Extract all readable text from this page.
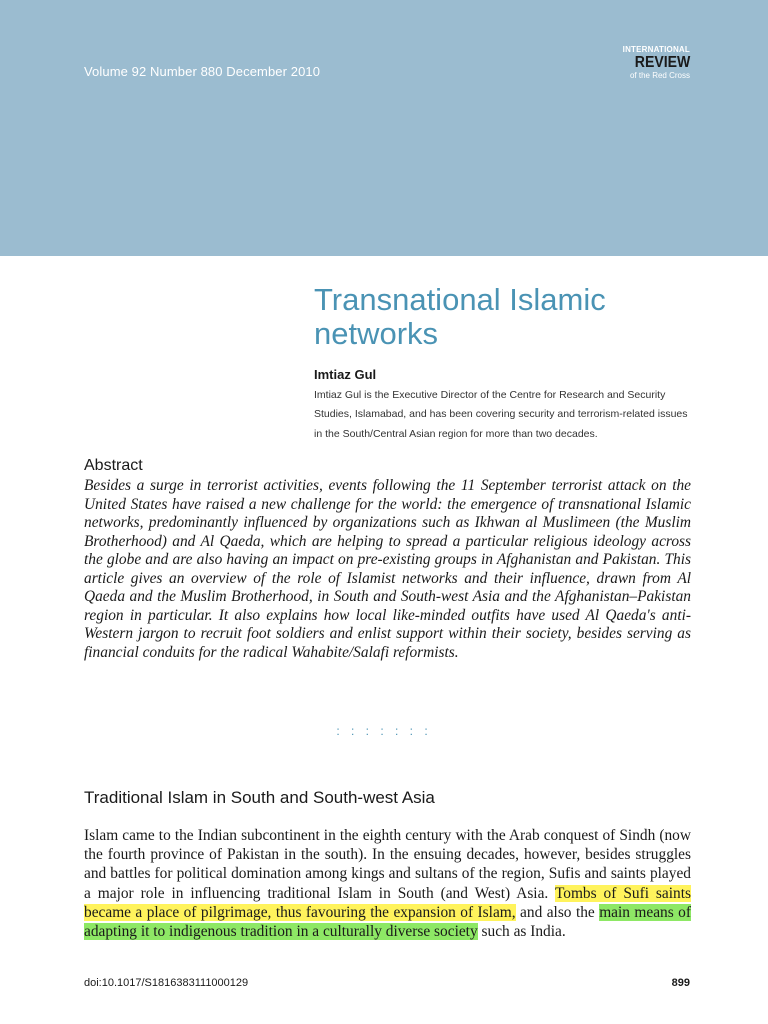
Volume 92 Number 880 December 2010
INTERNATIONAL
REVIEW
of the Red Cross
Transnational Islamic networks
Imtiaz Gul
Imtiaz Gul is the Executive Director of the Centre for Research and Security Studies, Islamabad, and has been covering security and terrorism-related issues in the South/Central Asian region for more than two decades.
Abstract

Besides a surge in terrorist activities, events following the 11 September terrorist attack on the United States have raised a new challenge for the world: the emergence of transnational Islamic networks, predominantly influenced by organizations such as Ikhwan al Muslimeen (the Muslim Brotherhood) and Al Qaeda, which are helping to spread a particular religious ideology across the globe and are also having an impact on pre-existing groups in Afghanistan and Pakistan. This article gives an overview of the role of Islamist networks and their influence, drawn from Al Qaeda and the Muslim Brotherhood, in South and South-west Asia and the Afghanistan–Pakistan region in particular. It also explains how local like-minded outfits have used Al Qaeda's anti-Western jargon to recruit foot soldiers and enlist support within their society, besides serving as financial conduits for the radical Wahabite/Salafi reformists.

: : : : : : :
Traditional Islam in South and South-west Asia

Islam came to the Indian subcontinent in the eighth century with the Arab conquest of Sindh (now the fourth province of Pakistan in the south). In the ensuing decades, however, besides struggles and battles for political domination among kings and sultans of the region, Sufis and saints played a major role in influencing traditional Islam in South (and West) Asia. Tombs of Sufi saints became a place of pilgrimage, thus favouring the expansion of Islam, and also the main means of adapting it to indigenous tradition in a culturally diverse society such as India.

doi:10.1017/S1816383111000129	899
